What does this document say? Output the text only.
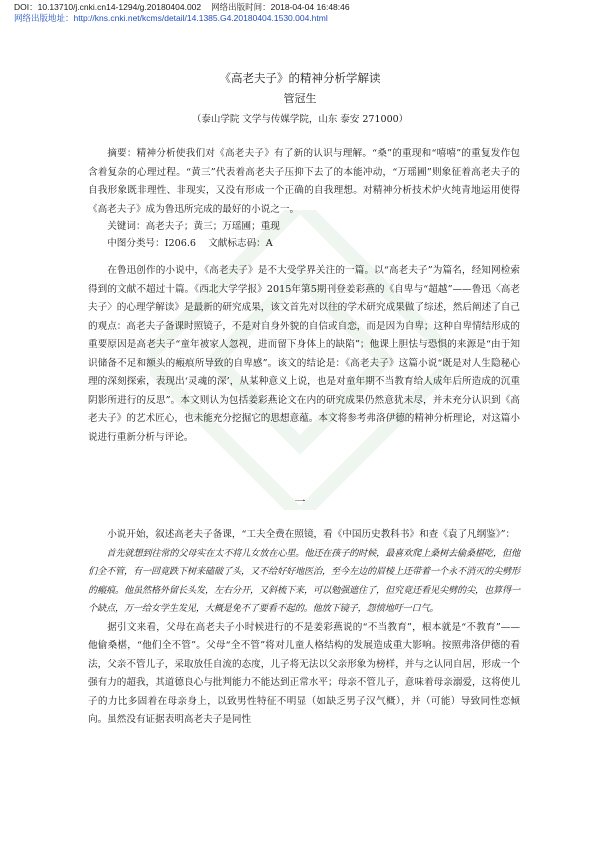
DOI：10.13710/j.cnki.cn14-1294/g.20180404.002 网络出版时间：2018-04-04 16:48:46
网络出版地址：http://kns.cnki.net/kcms/detail/14.1385.G4.20180404.1530.004.html
《高老夫子》的精神分析学解读
管冠生
（泰山学院 文学与传媒学院，山东 泰安 271000）

摘要：精神分析使我们对《高老夫子》有了新的认识与理解。“桑”的重现和“嘻嘻”的重复发作包含着复杂的心理过程。“黄三”代表着高老夫子压抑下去了的本能冲动，“万瑶圃”则象征着高老夫子的自我形象既非理性、非现实，又没有形成一个正确的自我理想。对精神分析技术炉火纯青地运用使得《高老夫子》成为鲁迅所完成的最好的小说之一。

关键词：高老夫子；黄三；万瑶圃；重现

中图分类号：I206.6 文献标志码：A

在鲁迅创作的小说中，《高老夫子》是不大受学界关注的一篇。以“高老夫子”为篇名，经知网检索得到的文献不超过十篇。《西北大学学报》2015年第5期刊登姜彩燕的《自卑与“超越”——鲁迅〈高老夫子〉的心理学解读》是最新的研究成果，该文首先对以往的学术研究成果做了综述，然后阐述了自己的观点：高老夫子备课时照镜子，不是对自身外貌的自信或自恋，而是因为自卑；这种自卑情结形成的重要原因是高老夫子“童年被家人忽视，进而留下身体上的缺陷”；他课上胆怯与恐惧的来源是“由于知识储备不足和额头的瘢痕所导致的自卑感”。该文的结论是：《高老夫子》这篇小说“既是对人生隐秘心理的深刻探索，表现出‘灵魂的深’，从某种意义上说，也是对童年期不当教育给人成年后所造成的沉重阴影所进行的反思”。本文则认为包括姜彩燕论文在内的研究成果仍然意犹未尽，并未充分认识到《高老夫子》的艺术匠心，也未能充分挖掘它的思想意蕴。本文将参考弗洛伊德的精神分析理论，对这篇小说进行重新分析与评论。

一

小说开始，叙述高老夫子备课，“工夫全费在照镜，看《中国历史教科书》和查《袁了凡纲鉴》”：

首先就想到往常的父母实在太不将儿女放在心里。他还在孩子的时候，最喜欢爬上桑树去偷桑椹吃，但他们全不管，有一回竟跌下树来磕破了头，又不给好好地医治，至今左边的眉棱上还带着一个永不消灭的尖劈形的瘢痕。他虽然格外留长头发，左右分开，又斜梳下来，可以勉强遮住了，但究竟还看见尖劈的尖，也算得一个缺点，万一给女学生发见，大概是免不了要看不起的。他放下镜子，怨愤地吁一口气。

据引文来看，父母在高老夫子小时候进行的不是姜彩燕说的“不当教育”，根本就是“不教育”——他偷桑椹，“他们全不管”。父母“全不管”将对儿童人格结构的发展造成重大影响。按照弗洛伊德的看法，父亲不管儿子，采取放任自流的态度，儿子将无法以父亲形象为榜样，并与之认同自居，形成一个强有力的超我，其道德良心与批判能力不能达到正常水平；母亲不管儿子，意味着母亲溺爱，这将使儿子的力比多固着在母亲身上，以致男性特征不明显（如缺乏男子汉气概），并（可能）导致同性恋倾向。虽然没有证据表明高老夫子是同性
